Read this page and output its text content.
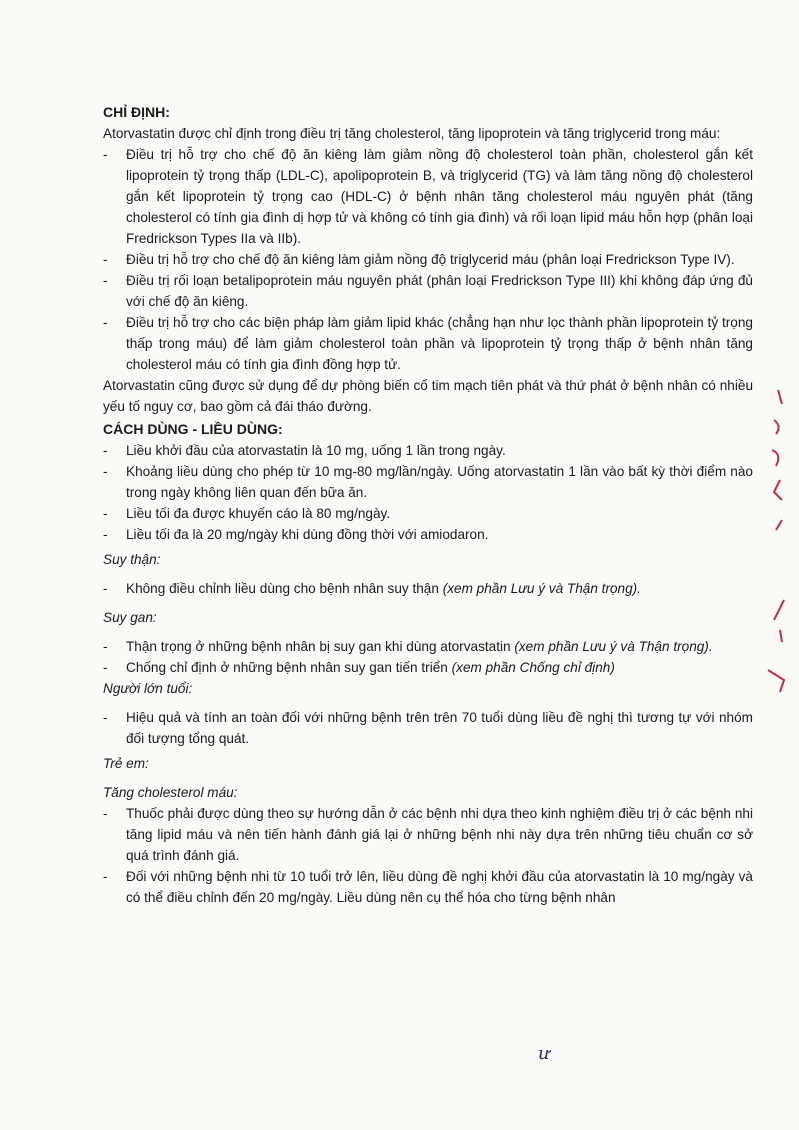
CHỈ ĐỊNH:

Atorvastatin được chỉ định trong điều trị tăng cholesterol, tăng lipoprotein và tăng triglycerid trong máu:

- Điều trị hỗ trợ cho chế độ ăn kiêng làm giảm nồng độ cholesterol toàn phần, cholesterol gắn kết lipoprotein tỷ trọng thấp (LDL-C), apolipoprotein B, và triglycerid (TG) và làm tăng nồng độ cholesterol gắn kết lipoprotein tỷ trọng cao (HDL-C) ở bệnh nhân tăng cholesterol máu nguyên phát (tăng cholesterol có tính gia đình dị hợp tử và không có tính gia đình) và rối loạn lipid máu hỗn hợp (phân loại Fredrickson Types IIa và IIb).
- Điều trị hỗ trợ cho chế độ ăn kiêng làm giảm nồng độ triglycerid máu (phân loại Fredrickson Type IV).
- Điều trị rối loạn betalipoprotein máu nguyên phát (phân loại Fredrickson Type III) khi không đáp ứng đủ với chế độ ăn kiêng.
- Điều trị hỗ trợ cho các biện pháp làm giảm lipid khác (chẳng hạn như lọc thành phần lipoprotein tỷ trọng thấp trong máu) để làm giảm cholesterol toàn phần và lipoprotein tỷ trọng thấp ở bệnh nhân tăng cholesterol máu có tính gia đình đồng hợp tử.

Atorvastatin cũng được sử dụng để dự phòng biến cố tim mạch tiên phát và thứ phát ở bệnh nhân có nhiều yếu tố nguy cơ, bao gồm cả đái tháo đường.

CÁCH DÙNG - LIỀU DÙNG:
- Liều khởi đầu của atorvastatin là 10 mg, uống 1 lần trong ngày.
- Khoảng liều dùng cho phép từ 10 mg-80 mg/lần/ngày. Uống atorvastatin 1 lần vào bất kỳ thời điểm nào trong ngày không liên quan đến bữa ăn.
- Liều tối đa được khuyến cáo là 80 mg/ngày.
- Liều tối đa là 20 mg/ngày khi dùng đồng thời với amiodaron.

Suy thận:

- Không điều chỉnh liều dùng cho bệnh nhân suy thận (xem phần Lưu ý và Thận trọng).

Suy gan:

- Thận trọng ở những bệnh nhân bị suy gan khi dùng atorvastatin (xem phần Lưu ý và Thận trọng).
- Chống chỉ định ở những bệnh nhân suy gan tiến triển (xem phần Chống chỉ định)

Người lớn tuổi:

- Hiệu quả và tính an toàn đối với những bệnh trên trên 70 tuổi dùng liều đề nghị thì tương tự với nhóm đối tượng tổng quát.

Trẻ em:

Tăng cholesterol máu:

- Thuốc phải được dùng theo sự hướng dẫn ở các bệnh nhi dựa theo kinh nghiệm điều trị ở các bệnh nhi tăng lipid máu và nên tiến hành đánh giá lại ở những bệnh nhi này dựa trên những tiêu chuẩn cơ sở quá trình đánh giá.
- Đối với những bệnh nhi từ 10 tuổi trở lên, liều dùng đề nghị khởi đầu của atorvastatin là 10 mg/ngày và có thể điều chỉnh đến 20 mg/ngày. Liều dùng nên cụ thể hóa cho từng bệnh nhân
ư
